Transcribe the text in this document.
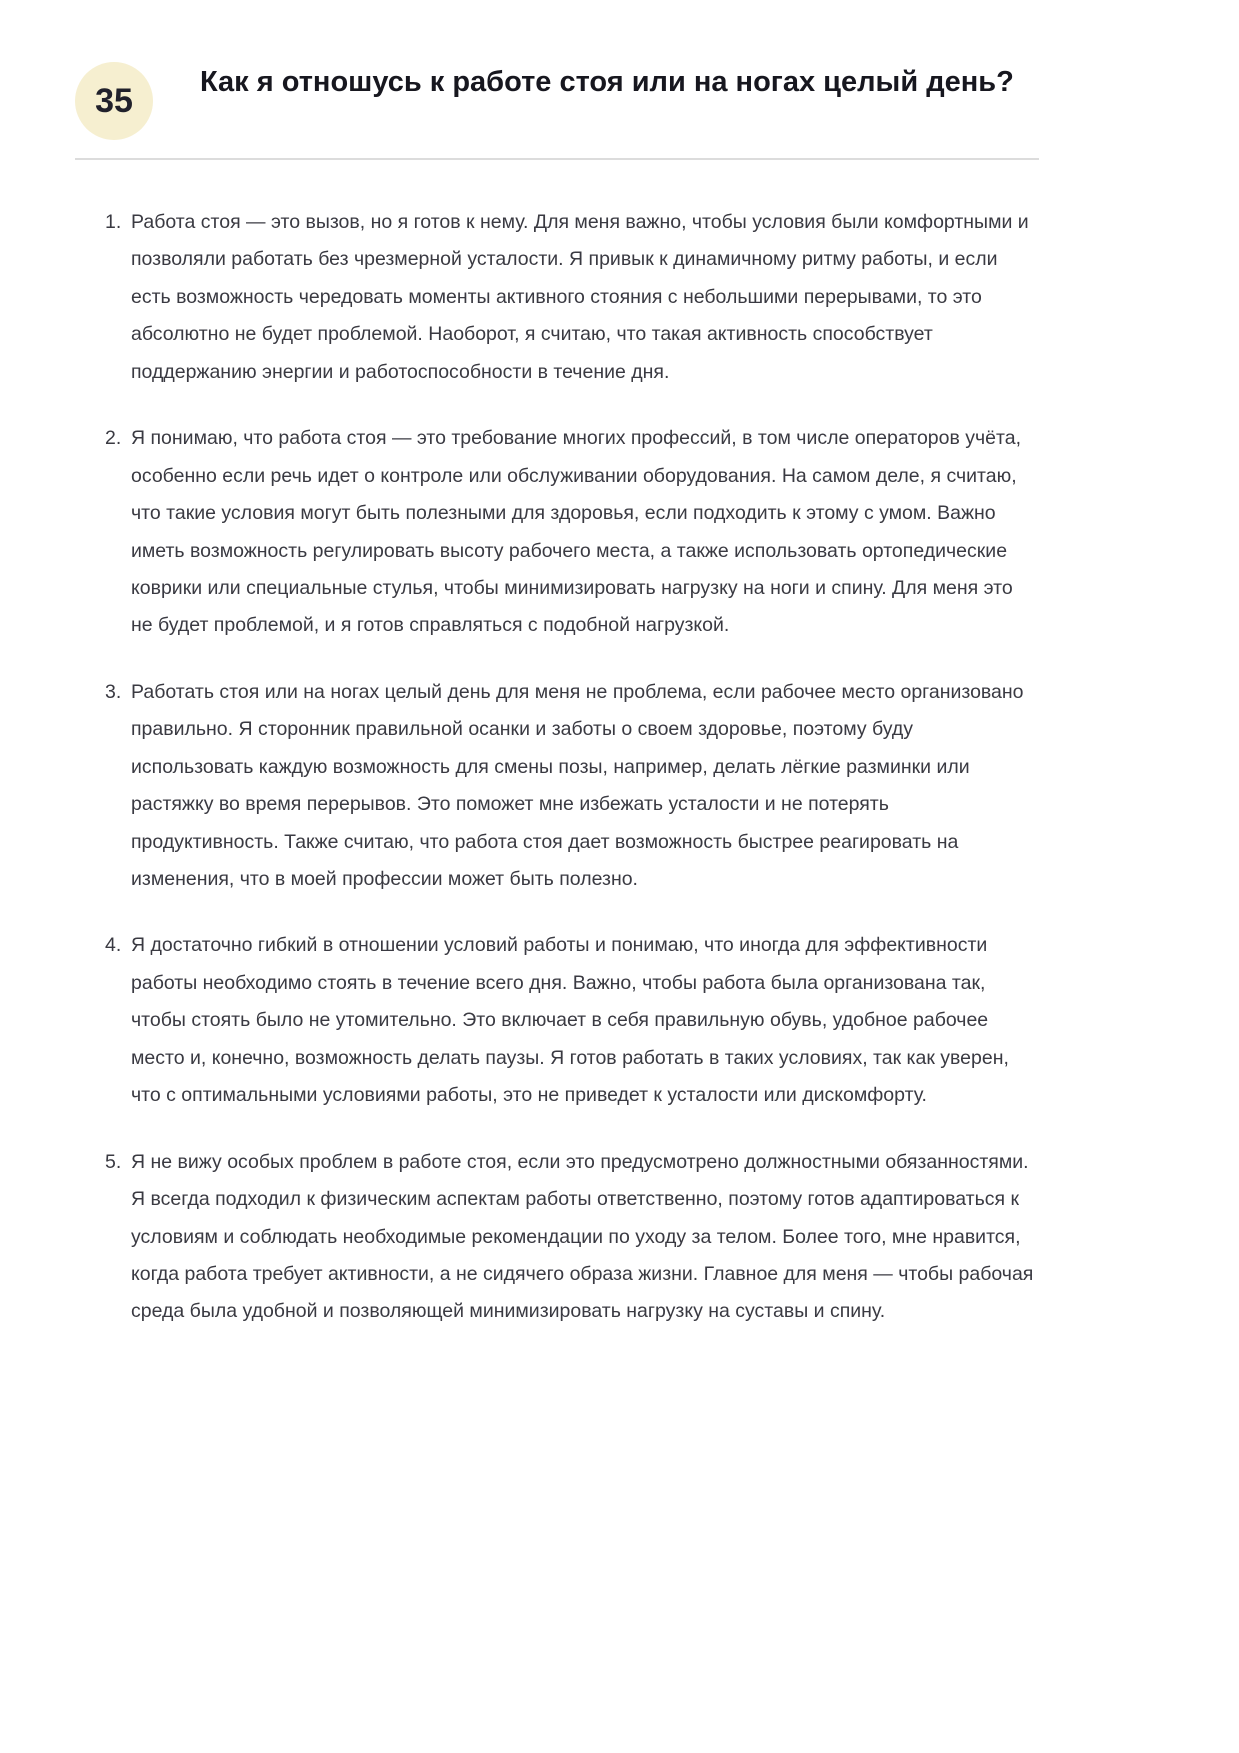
35 Как я отношусь к работе стоя или на ногах целый день?
1. Работа стоя — это вызов, но я готов к нему. Для меня важно, чтобы условия были комфортными и позволяли работать без чрезмерной усталости. Я привык к динамичному ритму работы, и если есть возможность чередовать моменты активного стояния с небольшими перерывами, то это абсолютно не будет проблемой. Наоборот, я считаю, что такая активность способствует поддержанию энергии и работоспособности в течение дня.

2. Я понимаю, что работа стоя — это требование многих профессий, в том числе операторов учёта, особенно если речь идет о контроле или обслуживании оборудования. На самом деле, я считаю, что такие условия могут быть полезными для здоровья, если подходить к этому с умом. Важно иметь возможность регулировать высоту рабочего места, а также использовать ортопедические коврики или специальные стулья, чтобы минимизировать нагрузку на ноги и спину. Для меня это не будет проблемой, и я готов справляться с подобной нагрузкой.

3. Работать стоя или на ногах целый день для меня не проблема, если рабочее место организовано правильно. Я сторонник правильной осанки и заботы о своем здоровье, поэтому буду использовать каждую возможность для смены позы, например, делать лёгкие разминки или растяжку во время перерывов. Это поможет мне избежать усталости и не потерять продуктивность. Также считаю, что работа стоя дает возможность быстрее реагировать на изменения, что в моей профессии может быть полезно.

4. Я достаточно гибкий в отношении условий работы и понимаю, что иногда для эффективности работы необходимо стоять в течение всего дня. Важно, чтобы работа была организована так, чтобы стоять было не утомительно. Это включает в себя правильную обувь, удобное рабочее место и, конечно, возможность делать паузы. Я готов работать в таких условиях, так как уверен, что с оптимальными условиями работы, это не приведет к усталости или дискомфорту.

5. Я не вижу особых проблем в работе стоя, если это предусмотрено должностными обязанностями. Я всегда подходил к физическим аспектам работы ответственно, поэтому готов адаптироваться к условиям и соблюдать необходимые рекомендации по уходу за телом. Более того, мне нравится, когда работа требует активности, а не сидячего образа жизни. Главное для меня — чтобы рабочая среда была удобной и позволяющей минимизировать нагрузку на суставы и спину.
